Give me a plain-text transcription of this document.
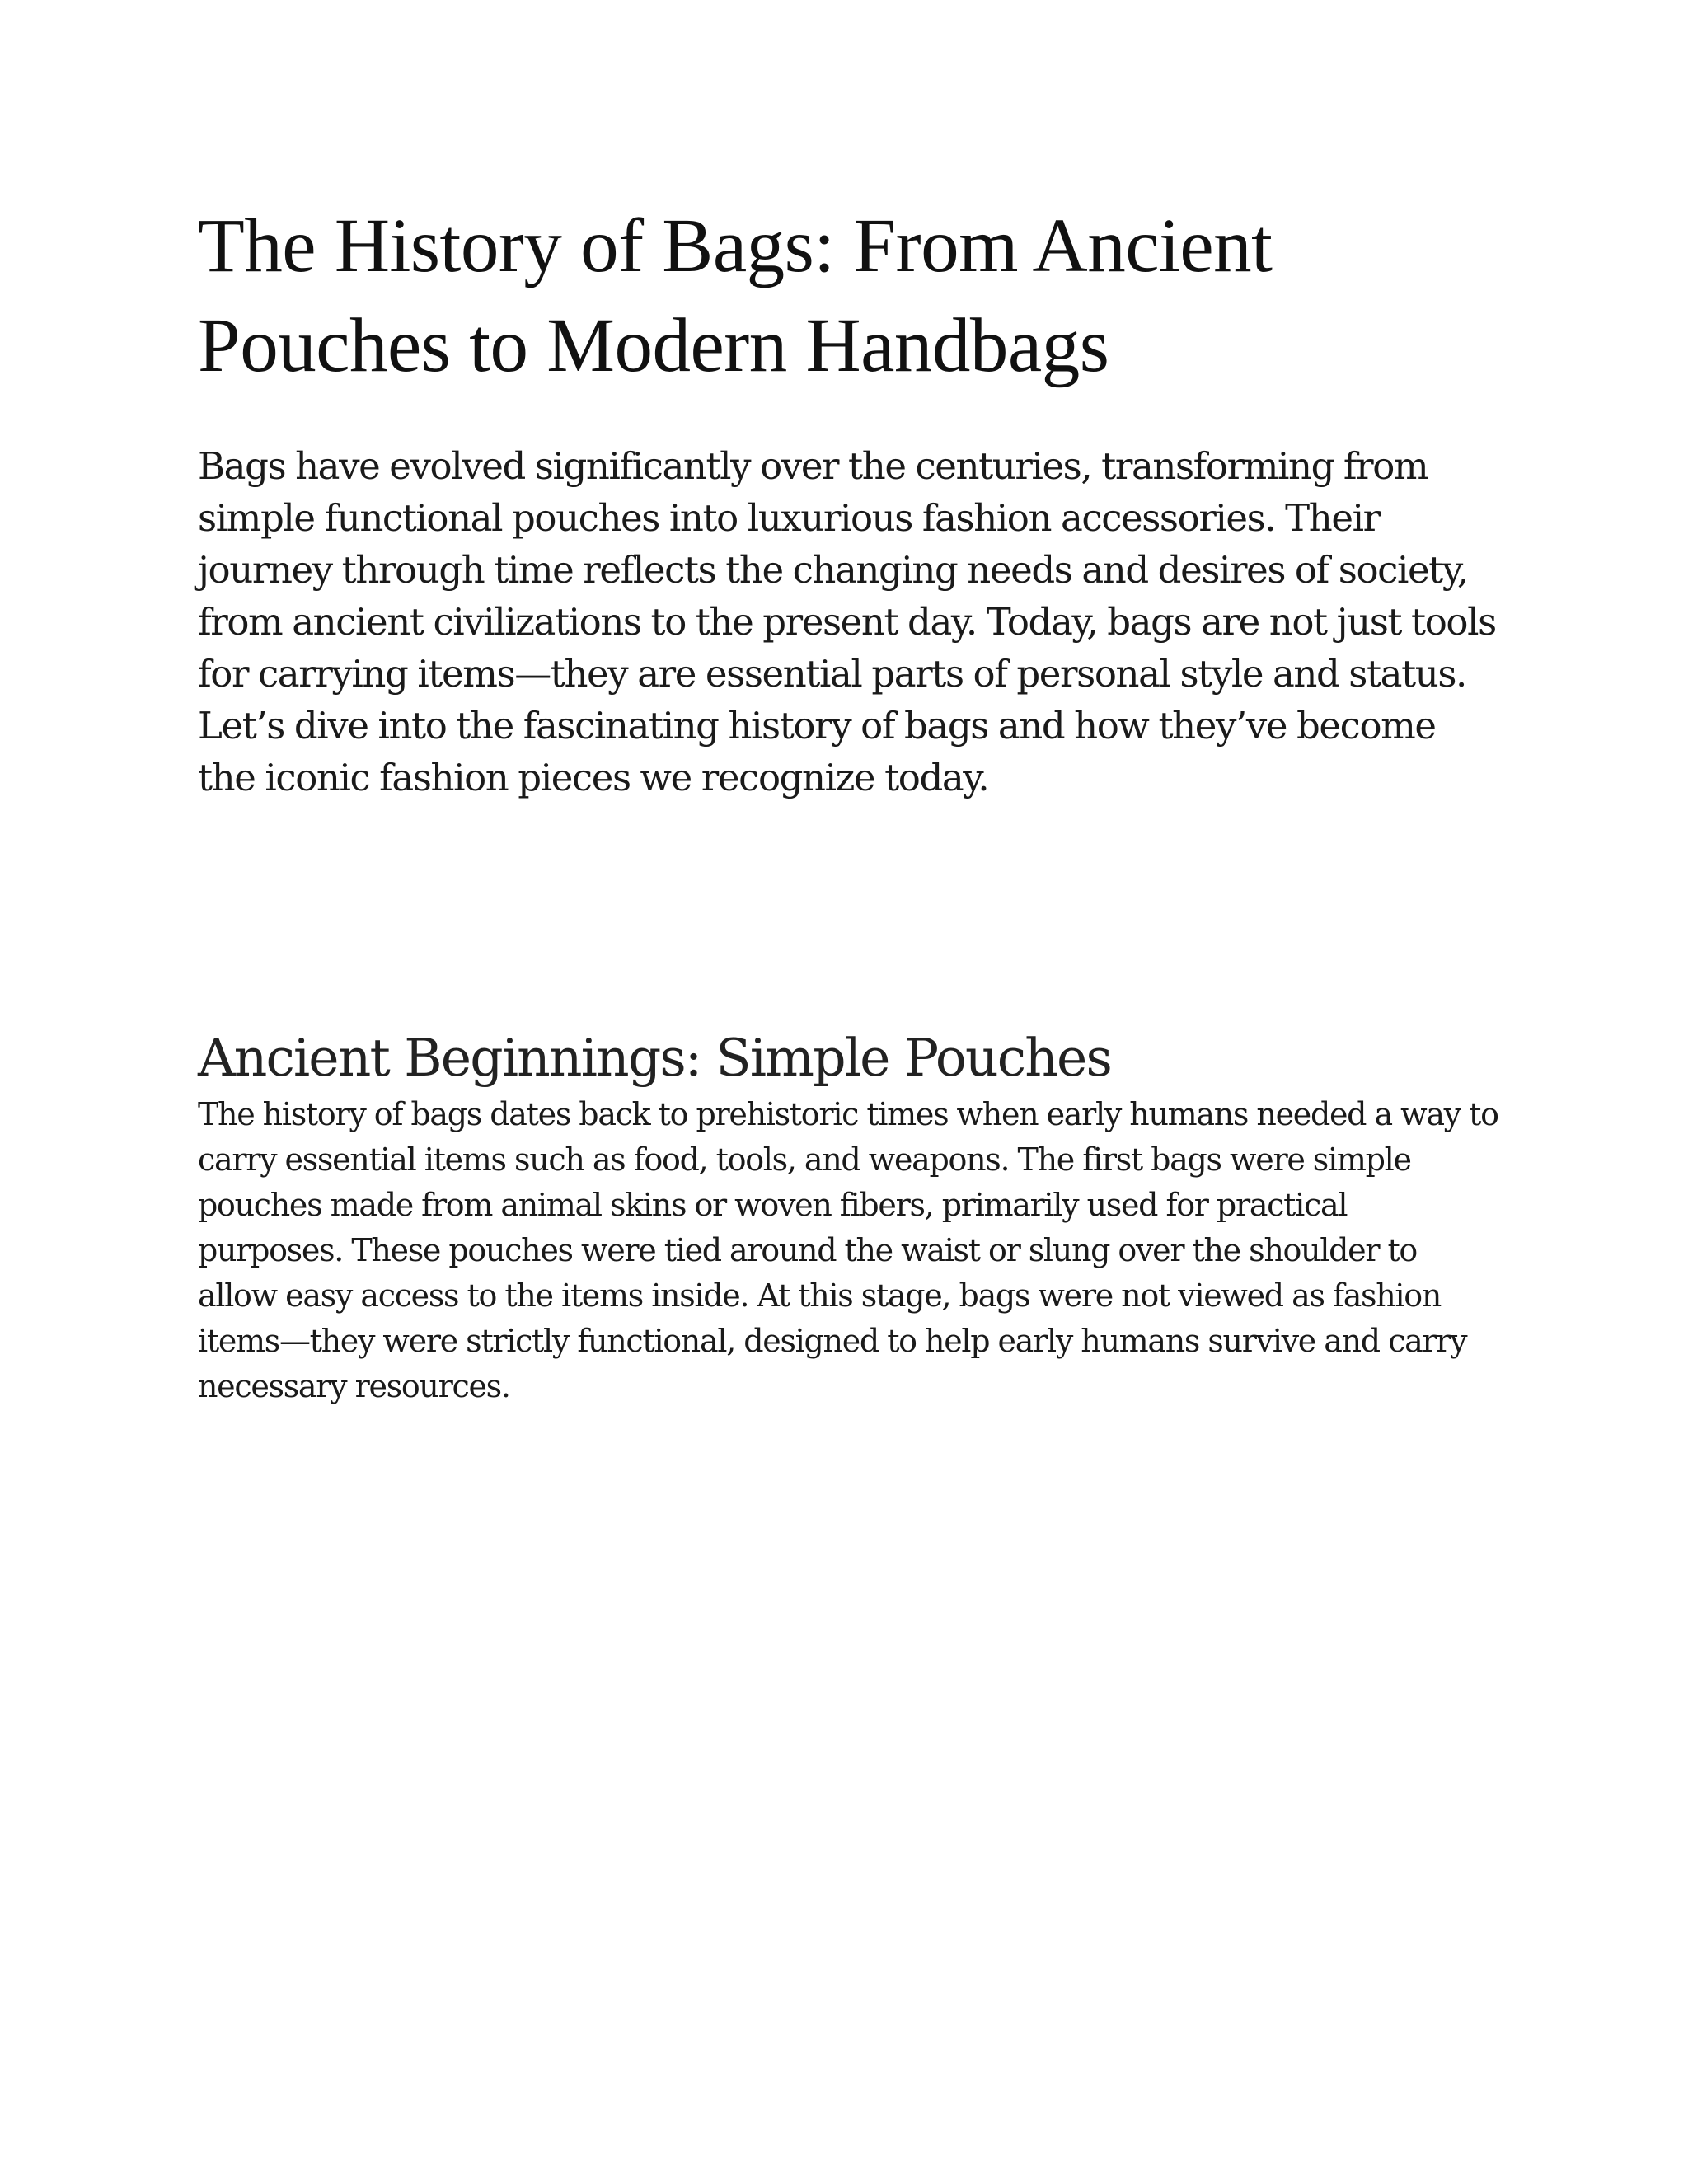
The History of Bags: From Ancient Pouches to Modern Handbags

Bags have evolved significantly over the centuries, transforming from simple functional pouches into luxurious fashion accessories. Their journey through time reflects the changing needs and desires of society, from ancient civilizations to the present day. Today, bags are not just tools for carrying items—they are essential parts of personal style and status. Let’s dive into the fascinating history of bags and how they’ve become the iconic fashion pieces we recognize today.

Ancient Beginnings: Simple Pouches

The history of bags dates back to prehistoric times when early humans needed a way to carry essential items such as food, tools, and weapons. The first bags were simple pouches made from animal skins or woven fibers, primarily used for practical purposes. These pouches were tied around the waist or slung over the shoulder to allow easy access to the items inside. At this stage, bags were not viewed as fashion items—they were strictly functional, designed to help early humans survive and carry necessary resources.
